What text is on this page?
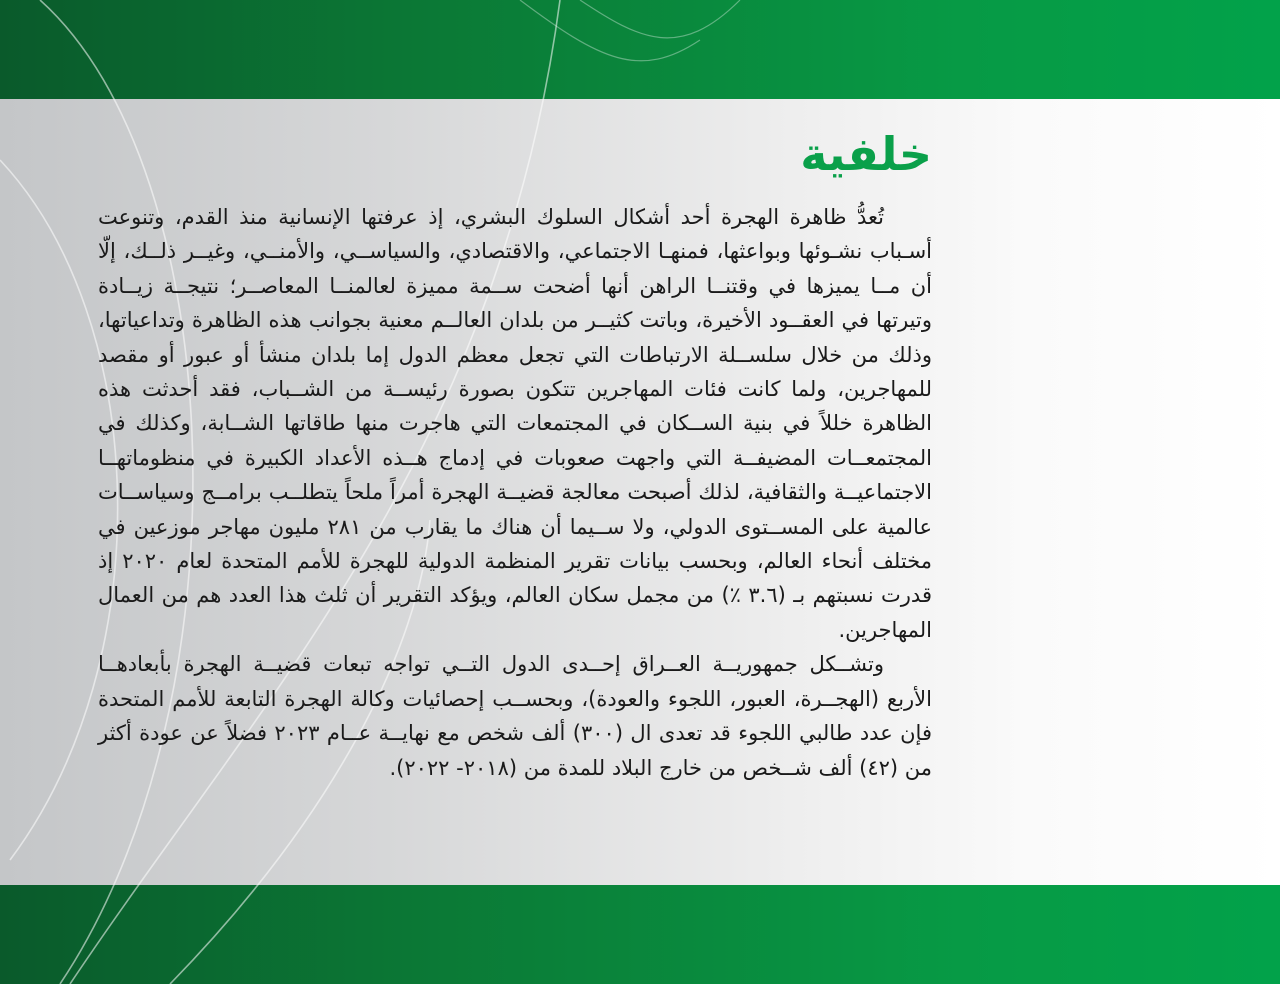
خلفية

تُعدُّ ظاهرة الهجرة أحد أشكال السلوك البشري، إذ عرفتها الإنسانية منذ القدم، وتنوعت أسـباب نشـوئها وبواعثها، فمنهـا الاجتماعي، والاقتصادي، والسياســي، والأمنــي، وغيــر ذلــك، إلّا أن مــا يميزها في وقتنــا الراهن أنها أضحت ســمة مميزة لعالمنــا المعاصــر؛ نتيجــة زيــادة وتيرتها في العقــود الأخيرة، وباتت كثيــر من بلدان العالــم معنية بجوانب هذه الظاهرة وتداعياتها، وذلك من خلال سلســلة الارتباطات التي تجعل معظم الدول إما بلدان منشأ أو عبور أو مقصد للمهاجرين، ولما كانت فئات المهاجرين تتكون بصورة رئيســة من الشــباب، فقد أحدثت هذه الظاهرة خللاً في بنية الســكان في المجتمعات التي هاجرت منها طاقاتها الشــابة، وكذلك في المجتمعــات المضيفــة التي واجهت صعوبات في إدماج هــذه الأعداد الكبيرة في منظوماتهــا الاجتماعيــة والثقافية، لذلك أصبحت معالجة قضيــة الهجرة أمراً ملحاً يتطلــب برامــج وسياســات عالمية على المســتوى الدولي، ولا ســيما أن هناك ما يقارب من ٢٨١ مليون مهاجر موزعين في مختلف أنحاء العالم، وبحسب بيانات تقرير المنظمة الدولية للهجرة للأمم المتحدة لعام ٢٠٢٠ إذ قدرت نسبتهم بـ (٣.٦ ٪) من مجمل سكان العالم، ويؤكد التقرير أن ثلث هذا العدد هم من العمال المهاجرين.

وتشــكل جمهوريــة العــراق إحــدى الدول التــي تواجه تبعات قضيــة الهجرة بأبعادهــا الأربع (الهجــرة، العبور، اللجوء والعودة)، وبحســب إحصائيات وكالة الهجرة التابعة للأمم المتحدة فإن عدد طالبي اللجوء قد تعدى ال (٣٠٠) ألف شخص مع نهايــة عــام ٢٠٢٣ فضلاً عن عودة أكثر من (٤٢) ألف شــخص من خارج البلاد للمدة من (٢٠١٨- ٢٠٢٢).
